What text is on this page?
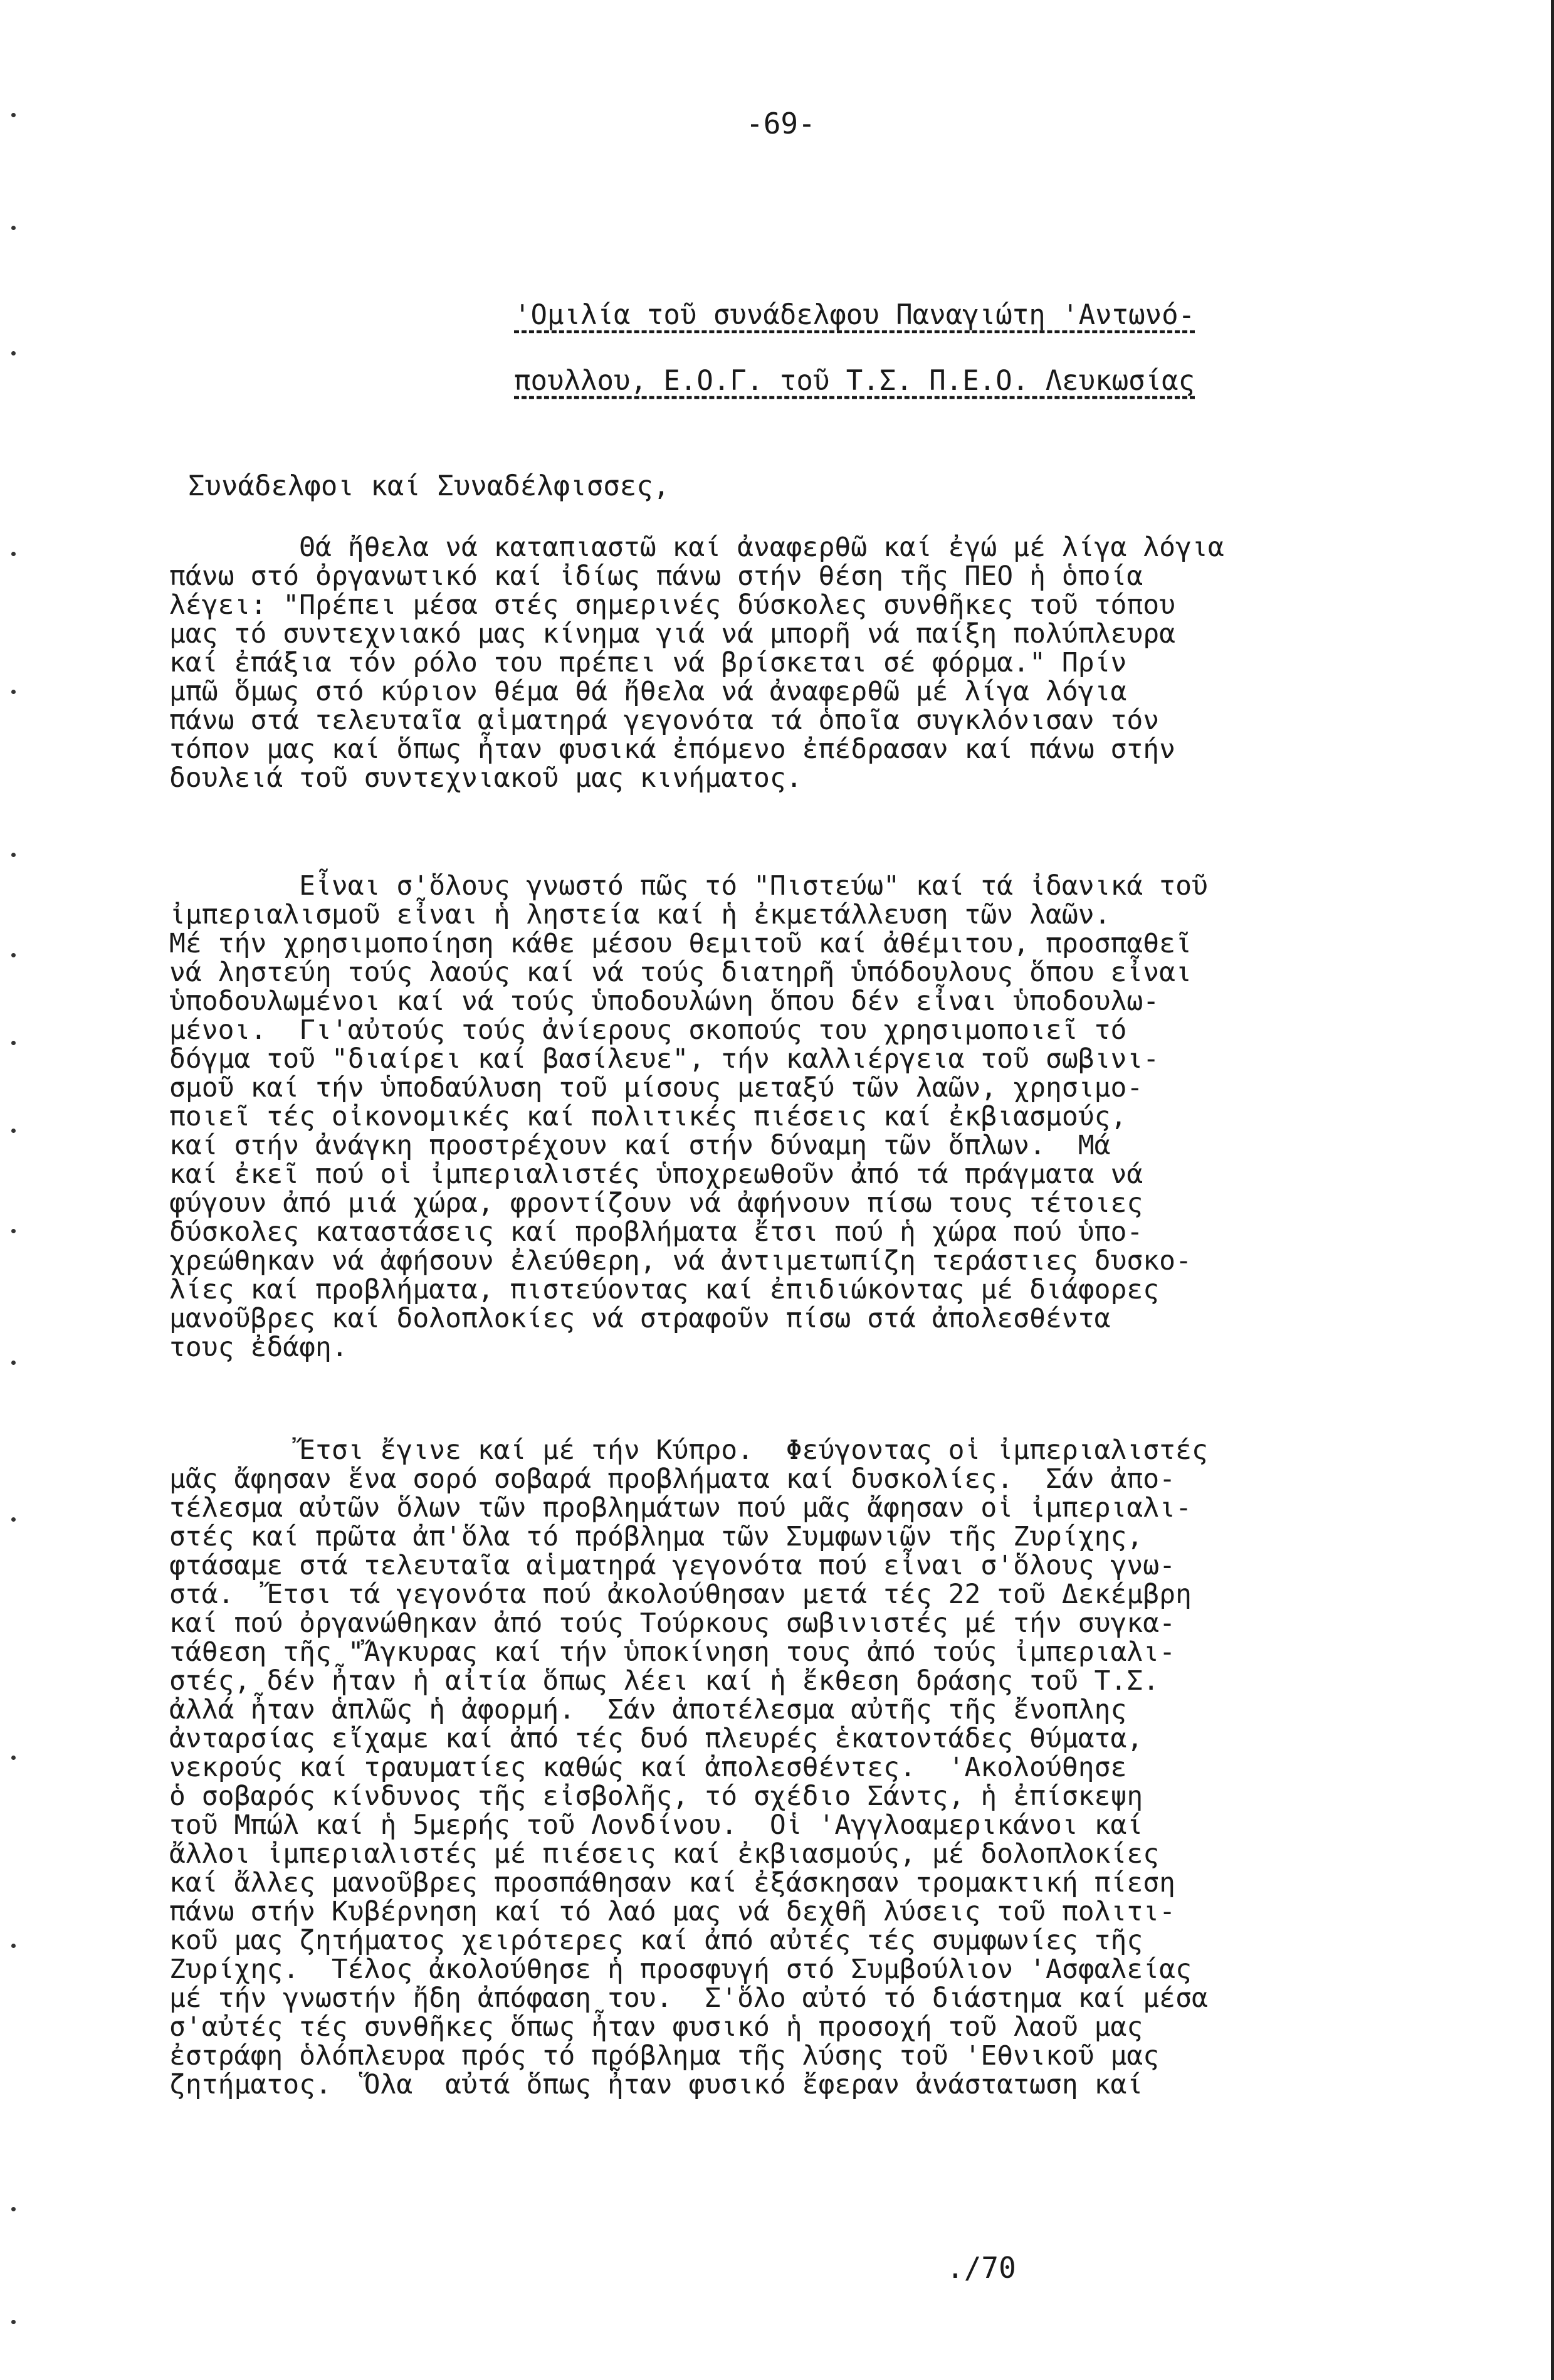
-69-
'Ομιλία τοῦ συνάδελφου Παναγιώτη 'Αντωνό-
πουλλου, Ε.Ο.Γ. τοῦ Τ.Σ. Π.Ε.Ο. Λευκωσίας
Συνάδελφοι καί Συναδέλφισσες,
Θά ἤθελα νά καταπιαστῶ καί ἀναφερθῶ καί ἐγώ μέ λίγα λόγια
πάνω στό ὀργανωτικό καί ἰδίως πάνω στήν θέση τῆς ΠΕΟ ἡ ὁποία
λέγει: "Πρέπει μέσα στές σημερινές δύσκολες συνθῆκες τοῦ τόπου
μας τό συντεχνιακό μας κίνημα γιά νά μπορῆ νά παίξη πολύπλευρα
καί ἐπάξια τόν ρόλο του πρέπει νά βρίσκεται σέ φόρμα." Πρίν
μπῶ ὅμως στό κύριον θέμα θά ἤθελα νά ἀναφερθῶ μέ λίγα λόγια
πάνω στά τελευταῖα αἱματηρά γεγονότα τά ὁποῖα συγκλόνισαν τόν
τόπον μας καί ὅπως ἦταν φυσικά ἐπόμενο ἐπέδρασαν καί πάνω στήν
δουλειά τοῦ συντεχνιακοῦ μας κινήματος.
Εἶναι σ'ὅλους γνωστό πῶς τό "Πιστεύω" καί τά ἰδανικά τοῦ
ἰμπεριαλισμοῦ εἶναι ἡ ληστεία καί ἡ ἐκμετάλλευση τῶν λαῶν.
Μέ τήν χρησιμοποίηση κάθε μέσου θεμιτοῦ καί ἀθέμιτου, προσπαθεῖ
νά ληστεύη τούς λαούς καί νά τούς διατηρῆ ὑπόδουλους ὅπου εἶναι
ὑποδουλωμένοι καί νά τούς ὑποδουλώνη ὅπου δέν εἶναι ὑποδουλω-
μένοι.  Γι'αὐτούς τούς ἀνίερους σκοπούς του χρησιμοποιεῖ τό
δόγμα τοῦ "διαίρει καί βασίλευε", τήν καλλιέργεια τοῦ σωβινι-
σμοῦ καί τήν ὑποδαύλυση τοῦ μίσους μεταξύ τῶν λαῶν, χρησιμο-
ποιεῖ τές οἰκονομικές καί πολιτικές πιέσεις καί ἐκβιασμούς,
καί στήν ἀνάγκη προστρέχουν καί στήν δύναμη τῶν ὅπλων.  Μά
καί ἐκεῖ πού οἱ ἰμπεριαλιστές ὑποχρεωθοῦν ἀπό τά πράγματα νά
φύγουν ἀπό μιά χώρα, φροντίζουν νά ἀφήνουν πίσω τους τέτοιες
δύσκολες καταστάσεις καί προβλήματα ἔτσι πού ἡ χώρα πού ὑπο-
χρεώθηκαν νά ἀφήσουν ἐλεύθερη, νά ἀντιμετωπίζη τεράστιες δυσκο-
λίες καί προβλήματα, πιστεύοντας καί ἐπιδιώκοντας μέ διάφορες
μανοῦβρες καί δολοπλοκίες νά στραφοῦν πίσω στά ἀπολεσθέντα
τους ἐδάφη.
Ἔτσι ἔγινε καί μέ τήν Κύπρο.  Φεύγοντας οἱ ἰμπεριαλιστές
μᾶς ἄφησαν ἕνα σορό σοβαρά προβλήματα καί δυσκολίες.  Σάν ἀπο-
τέλεσμα αὐτῶν ὅλων τῶν προβλημάτων πού μᾶς ἄφησαν οἱ ἰμπεριαλι-
στές καί πρῶτα ἀπ'ὅλα τό πρόβλημα τῶν Συμφωνιῶν τῆς Ζυρίχης,
φτάσαμε στά τελευταῖα αἱματηρά γεγονότα πού εἶναι σ'ὅλους γνω-
στά.  Ἔτσι τά γεγονότα πού ἀκολούθησαν μετά τές 22 τοῦ Δεκέμβρη
καί πού ὀργανώθηκαν ἀπό τούς Τούρκους σωβινιστές μέ τήν συγκα-
τάθεση τῆς "Ἄγκυρας καί τήν ὑποκίνηση τους ἀπό τούς ἰμπεριαλι-
στές, δέν ἦταν ἡ αἰτία ὅπως λέει καί ἡ ἔκθεση δράσης τοῦ Τ.Σ.
ἀλλά ἦταν ἁπλῶς ἡ ἀφορμή.  Σάν ἀποτέλεσμα αὐτῆς τῆς ἔνοπλης
ἀνταρσίας εἴχαμε καί ἀπό τές δυό πλευρές ἑκατοντάδες θύματα,
νεκρούς καί τραυματίες καθώς καί ἀπολεσθέντες.  'Ακολούθησε
ὁ σοβαρός κίνδυνος τῆς εἰσβολῆς, τό σχέδιο Σάντς, ἡ ἐπίσκεψη
τοῦ Μπώλ καί ἡ 5μερής τοῦ Λονδίνου.  Οἱ 'Αγγλοαμερικάνοι καί
ἄλλοι ἰμπεριαλιστές μέ πιέσεις καί ἐκβιασμούς, μέ δολοπλοκίες
καί ἄλλες μανοῦβρες προσπάθησαν καί ἐξάσκησαν τρομακτική πίεση
πάνω στήν Κυβέρνηση καί τό λαό μας νά δεχθῆ λύσεις τοῦ πολιτι-
κοῦ μας ζητήματος χειρότερες καί ἀπό αὐτές τές συμφωνίες τῆς
Ζυρίχης.  Τέλος ἀκολούθησε ἡ προσφυγή στό Συμβούλιον 'Ασφαλείας
μέ τήν γνωστήν ἤδη ἀπόφαση του.  Σ'ὅλο αὐτό τό διάστημα καί μέσα
σ'αὐτές τές συνθῆκες ὅπως ἦταν φυσικό ἡ προσοχή τοῦ λαοῦ μας
ἐστράφη ὁλόπλευρα πρός τό πρόβλημα τῆς λύσης τοῦ 'Εθνικοῦ μας
ζητήματος.  Ὅλα  αὐτά ὅπως ἦταν φυσικό ἔφεραν ἀνάστατωση καί
./70
